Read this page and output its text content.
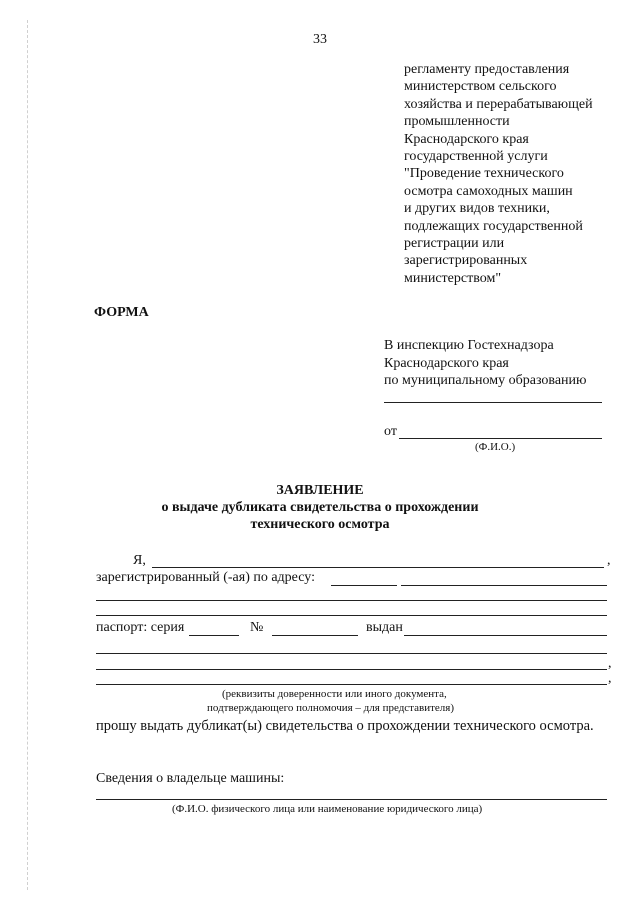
33
регламенту предоставления
министерством сельского
хозяйства и перерабатывающей
промышленности
Краснодарского края
государственной услуги
"Проведение технического
осмотра самоходных машин
и других видов техники,
подлежащих государственной
регистрации или
зарегистрированных
министерством"
ФОРМА
В инспекцию Гостехнадзора
Краснодарского края
по муниципальному образованию
от
(Ф.И.О.)
ЗАЯВЛЕНИЕ
о выдаче дубликата свидетельства о прохождении
технического осмотра
Я,	,
зарегистрированный (-ая) по адресу:
паспорт: серия	№	выдан
,
,
(реквизиты доверенности или иного документа,
подтверждающего полномочия – для представителя)
прошу выдать дубликат(ы) свидетельства о прохождении технического осмотра.
Сведения о владельце машины:
(Ф.И.О. физического лица или наименование юридического лица)
